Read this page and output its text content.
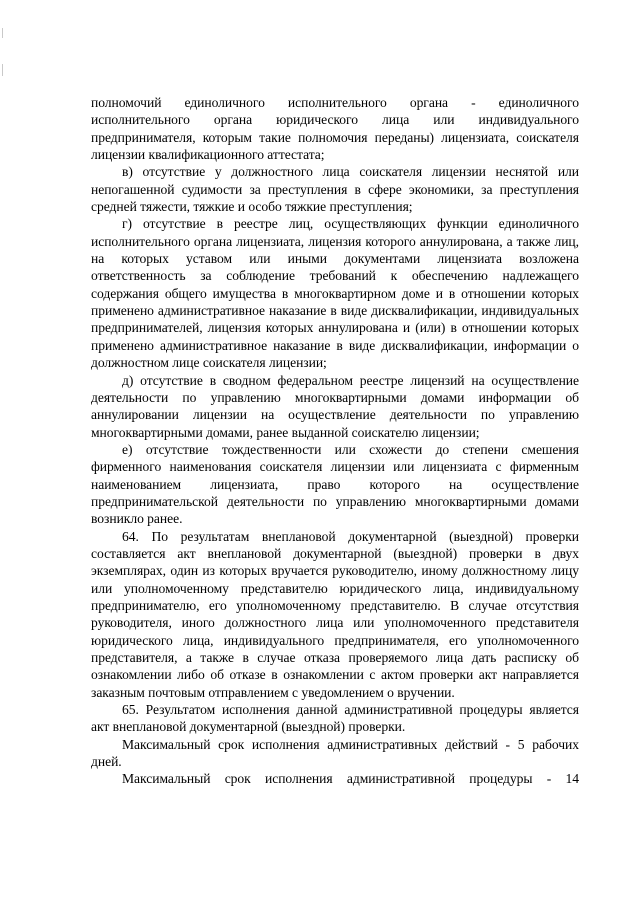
полномочий единоличного исполнительного органа - единоличного исполнительного органа юридического лица или индивидуального предпринимателя, которым такие полномочия переданы) лицензиата, соискателя лицензии квалификационного аттестата;

в) отсутствие у должностного лица соискателя лицензии неснятой или непогашенной судимости за преступления в сфере экономики, за преступления средней тяжести, тяжкие и особо тяжкие преступления;

г) отсутствие в реестре лиц, осуществляющих функции единоличного исполнительного органа лицензиата, лицензия которого аннулирована, а также лиц, на которых уставом или иными документами лицензиата возложена ответственность за соблюдение требований к обеспечению надлежащего содержания общего имущества в многоквартирном доме и в отношении которых применено административное наказание в виде дисквалификации, индивидуальных предпринимателей, лицензия которых аннулирована и (или) в отношении которых применено административное наказание в виде дисквалификации, информации о должностном лице соискателя лицензии;

д) отсутствие в сводном федеральном реестре лицензий на осуществление деятельности по управлению многоквартирными домами информации об аннулировании лицензии на осуществление деятельности по управлению многоквартирными домами, ранее выданной соискателю лицензии;

е) отсутствие тождественности или схожести до степени смешения фирменного наименования соискателя лицензии или лицензиата с фирменным наименованием лицензиата, право которого на осуществление предпринимательской деятельности по управлению многоквартирными домами возникло ранее.

64. По результатам внеплановой документарной (выездной) проверки составляется акт внеплановой документарной (выездной) проверки в двух экземплярах, один из которых вручается руководителю, иному должностному лицу или уполномоченному представителю юридического лица, индивидуальному предпринимателю, его уполномоченному представителю. В случае отсутствия руководителя, иного должностного лица или уполномоченного представителя юридического лица, индивидуального предпринимателя, его уполномоченного представителя, а также в случае отказа проверяемого лица дать расписку об ознакомлении либо об отказе в ознакомлении с актом проверки акт направляется заказным почтовым отправлением с уведомлением о вручении.

65. Результатом исполнения данной административной процедуры является акт внеплановой документарной (выездной) проверки.

Максимальный срок исполнения административных действий - 5 рабочих дней.

Максимальный срок исполнения административной процедуры - 14
